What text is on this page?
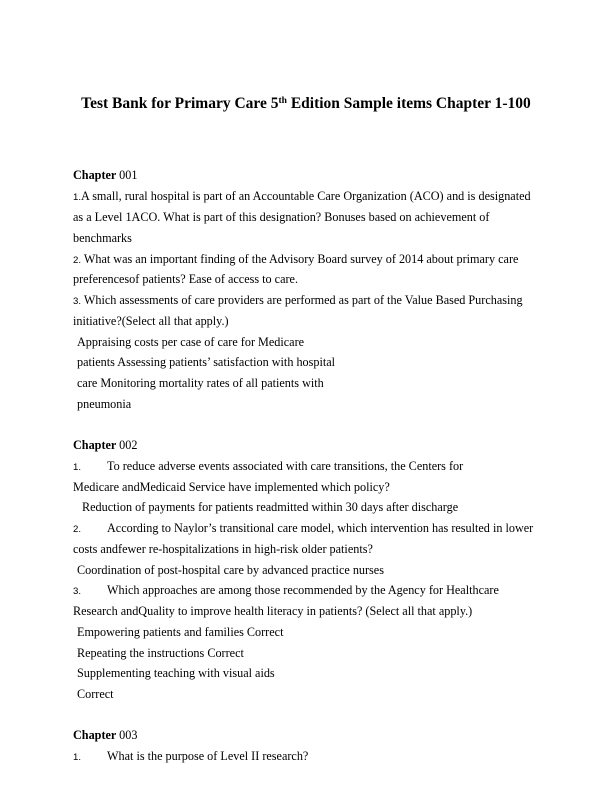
Test Bank for Primary Care 5th Edition Sample items Chapter 1-100

Chapter 001

1.A small, rural hospital is part of an Accountable Care Organization (ACO) and is designated

as a Level 1ACO. What is part of this designation? Bonuses based on achievement of

benchmarks

2. What was an important finding of the Advisory Board survey of 2014 about primary care

preferencesof patients? Ease of access to care.

3. Which assessments of care providers are performed as part of the Value Based Purchasing

initiative?(Select all that apply.)

Appraising costs per case of care for Medicare

patients Assessing patients’ satisfaction with hospital

care Monitoring mortality rates of all patients with

pneumonia

Chapter 002

1. To reduce adverse events associated with care transitions, the Centers for

Medicare andMedicaid Service have implemented which policy?

Reduction of payments for patients readmitted within 30 days after discharge

2. According to Naylor’s transitional care model, which intervention has resulted in lower

costs andfewer re-hospitalizations in high-risk older patients?

Coordination of post-hospital care by advanced practice nurses

3. Which approaches are among those recommended by the Agency for Healthcare

Research andQuality to improve health literacy in patients? (Select all that apply.)

Empowering patients and families Correct

Repeating the instructions Correct

Supplementing teaching with visual aids

Correct

Chapter 003

1. What is the purpose of Level II research?
